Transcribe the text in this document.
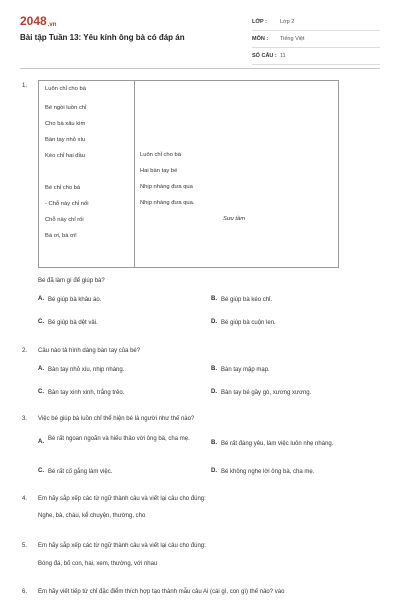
2048.vn
Bài tập Tuần 13: Yêu kính ông bà có đáp án
LỚP :	Lớp 2
MÔN :	Tiếng Việt
SỐ CÂU : 11
1.	Luôn chỉ cho bà
Bé ngồi luồn chỉ
Cho bà xâu kim
Bàn tay nhỏ xíu
Kéo chỉ hai đầu
Bé chỉ cho bà
- Chỗ này chỉ nối
Chỗ này chỉ rối
Bà ơi, bà ơi!
Luôn chỉ cho bà
Hai bàn tay bé
Nhịp nhàng đưa qua
Nhịp nhàng đưa qua.
Sưu tầm
Bé đã làm gì để giúp bà?
A. Bé giúp bà khâu áo.	B. Bé giúp bà kéo chỉ.
C. Bé giúp bà dệt vải.	D. Bé giúp bà cuộn len.
2. Câu nào tả hình dáng bàn tay của bé?
A. Bàn tay nhỏ xíu, nhịp nhàng.	B. Bàn tay mập mạp.
C. Bàn tay xinh xinh, trắng trẻo.	D. Bàn tay bé gầy gò, xương xương.
3. Việc bé giúp bà luồn chỉ thể hiện bé là người như thế nào?
A. Bé rất ngoan ngoãn và hiếu thảo với ông bà, cha mẹ.
B. Bé rất đáng yêu, làm việc luôn nhẹ nhàng.
C. Bé rất cố gắng làm việc.	D. Bé không nghe lời ông bà, cha mẹ.
4. Em hãy sắp xếp các từ ngữ thành câu và viết lại câu cho đúng:
Nghe, bà, cháu, kể chuyện, thường, cho
5. Em hãy sắp xếp các từ ngữ thành câu và viết lại câu cho đúng:
Bóng đá, bố con, hai, xem, thường, với nhau
6. Em hãy viết tiếp từ chỉ đặc điểm thích hợp tạo thành mẫu câu Ai (cái gì, con gì) thế nào? vào
